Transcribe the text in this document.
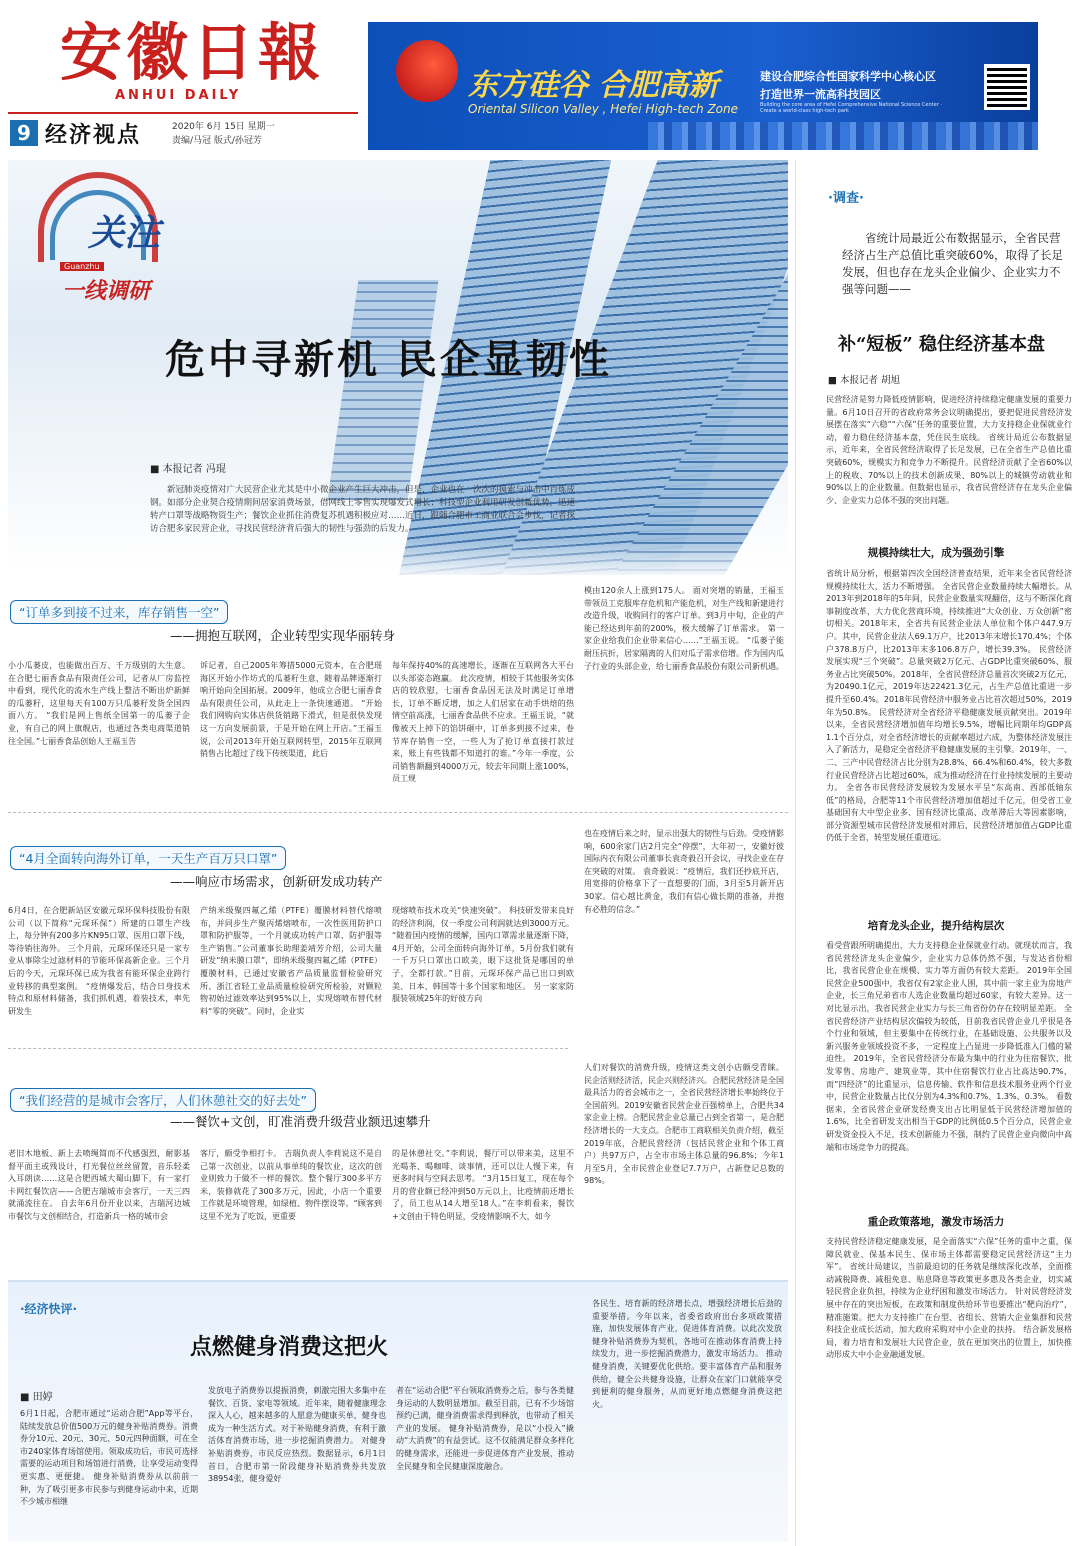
安徽日報
ANHUI DAILY
9 经济视点	2020年 6月 15日 星期一
责编/马冠 版式/孙冠芳
东方硅谷 合肥高新
Oriental Silicon Valley , Hefei High-tech Zone
建设合肥综合性国家科学中心核心区
打造世界一流高科技园区
Building the core area of Hefei Comprehensive National Science Center · Create a world-class high-tech park
关注
Guanzhu
一线调研
危中寻新机 民企显韧性
■ 本报记者 冯琨
新冠肺炎疫情对广大民营企业尤其是中小微企业产生巨大冲击，但是，企业也在一次次的摸索与冲击中百炼成钢。如部分企业契合疫情期间居家消费场景，借网线上零售实现爆发式增长；科技型企业利用研发创新优势，迅速转产口罩等战略物资生产；餐饮企业抓住消费复苏机遇积极应对……近日，跟随合肥市工商业联合会步伐，记者探访合肥多家民营企业，寻找民营经济背后强大的韧性与强劲的后发力。
“订单多到接不过来，库存销售一空”
——拥抱互联网，企业转型实现华丽转身
小小瓜蒌皮，也能做出百万、千万级别的大生意。 在合肥七丽香食品有限责任公司，记者从厂房监控中看到，现代化的流水生产线上整洁不断出炉新鲜的瓜蒌籽，这里每天有100万只瓜蒌籽发货全国四面八方。 “我们是网上售纸全国第一的瓜蒌子企业，有自己的网上旗舰店，也通过各类电商渠道销往全国。”七丽香食品创始人王福玉告
诉记者，自己2005年筹措5000元资本，在合肥瑶海区开始小作坊式的瓜蒌籽生意，随着品牌逐渐打响开始向全国拓展。2009年，他成立合肥七丽香食品有限责任公司，从此走上一条快速通道。 “开始我们网购向实体店供货销路下滑式，但是很快发现这一方向发展前景，于是开始在网上开店。”王福玉说，公司2013年开始互联网转型，2015年互联网销售占比超过了线下传统渠道，此后
每年保持40%的高速增长，逐渐在互联网各大平台以头部姿态跑赢。 此次疫情，相较于其他服务实体店的较欣慰，七丽香食品因无法及时满足订单增长，订单不断反增，加之人们居家在动手烘焙的热情空前高涨，七丽香食品供不应求。王福玉说，“就像被天上掉下的馅饼砸中，订单多到接不过来，卷节库存销售一空，一些人为了抢订单直接打款过来，账上有些钱都不知道打的谁。”今年一季度，公司销售额翻到4000万元，较去年同期上涨100%，员工规
模由120余人上涨到175人。 面对突增的销量，王福玉带领员工克服库存危机和产能危机，对生产线和新建进行改造升级，收购同行的客户订单。到3月中旬，企业的产能已经达到年前的200%，极大缓解了订单需求。 第一家企业给我们企业带来信心……”王福玉说。 “瓜蒌子能耐压抗折，居家隔离的人们对瓜子需求倍增。作为国内瓜子行业的头部企业，给七丽香食品股份有限公司新机遇。
“4月全面转向海外订单，一天生产百万只口罩”
——响应市场需求，创新研发成功转产
6月4日，在合肥新站区安徽元琛环保科技股份有限公司（以下简称“元琛环保”）所建的口罩生产线上，每分钟有200多片KN95口罩、医用口罩下线，等待销往海外。 三个月前，元琛环保还只是一家专业从事除尘过滤材料的节能环保高新企业。三个月后的今天，元琛环保已成为我省有能环保企业跨行业转移的典型案例。 “疫情爆发后，结合日身技术特点和原材料储备，我们抓机遇，着装技术，率先研发生
产纳米级聚四氟乙烯（PTFE）覆膜材料替代熔喷布，并同步生产聚丙烯熔喷布，一次性医用防护口罩和防护服等，一个月就成功转产口罩、防护服等生产销售。”公司董事长助理姜靖芳介绍，公司大量研发“纳米膜口罩”，即纳米级聚四氟乙烯（PTFE）覆膜材料，已通过安徽省产品质量监督检验研究所、浙江省轻工业品质量检验研究所检验，对颗粒物初始过滤效率达到95%以上，实现熔喷布替代材料“零的突破”。同时，企业实
现熔喷布技术攻关“快速突破”。 科技研发带来良好的经济利润，仅一季度公司利润就达到3000万元。 “随着国内疫情的缓解，国内口罩需求量逐渐下降，4月开始，公司全面转向海外订单，5月份我们就有一千万只口罩出口欧美，眼下这批货是哪国的单子，全都打款。”目前，元琛环保产品已出口到欧美、日本、韩国等十多个国家和地区。 另一家家防服装领域25年的好彼方向
也在疫情后来之时，显示出强大的韧性与后劲。受疫情影响，600余家门店2月完全“停摆”，大年初一，安徽好彼国际内衣有限公司董事长袁奇毅召开会议，寻找企业在存在突破的对策。 袁奇毅说：“疫情后，我们还抄底开店，用宽排的价格拿下了一直想要的门面，3月至5月新开店30家。信心越比黄金，我们有信心做长期的准备，并抱有必胜的信念。”
“我们经营的是城市会客厅，人们休憩社交的好去处”
——餐饮+文创，盯准消费升级营业额迅速攀升
老旧木地板、新上去喷绳简而不代感强烈，耐影基督平面主或残设计，打光餐位丝丝留置，音乐轻柔入耳朗读……这是合肥西城大蜀山脚下，有一家打卡网红餐饮店——合肥吉瑞城市会客厅，一天三四就涌流往在。 自去年6月份开业以来，吉瑞河边城市餐饮与文创相结合，打造新兵一格的城市会
客厅，颇受争相打卡。 吉瑞负责人李莉说这不是自己第一次创业，以前从事单纯的餐饮业，这次的创业则致力于做不一样的餐饮。整个餐厅300多平方米，装修就花了300多万元，因此，小店一个重要工作就是环境管理，如绿植、物件摆设等。“顾客到这里不光为了吃饭，更重要
的是休憩社交。”李莉说，餐厅可以带来美，这里不光喝茶、喝咖啡、谈事情，还可以让人慢下来，有更多时间与空间去思考。 “3月15日复工，现在每个月的营业额已经冲到50万元以上，比疫情前还增长了，员工也从14人增至18人。”在李莉看来，餐饮+文创由于特色明显，受疫情影响不大，如今
人们对餐饮的消费升级，疫情这类文创小店颇受青睐。 民企活则经济活，民企兴则经济兴。合肥民营经济是全国最具活力的省会城市之一，全省民营经济增长率始终位于全国前列。2019安徽省民营企业百强榜单上，合肥共34家企业上榜。合肥民营企业总量已占到全省第一，是合肥经济增长的一大支点。合肥市工商联相关负责介绍，截至2019年底，合肥民营经济（包括民营企业和个体工商户）共97万户，占全市市场主体总量的96.8%；今年1月至5月，全市民营企业登记7.7万户，占新登记总数的98%。
·经济快评·
点燃健身消费这把火
■ 田婷
6月1日起，合肥市通过“运动合肥”App等平台，陆续发放总价值500万元的健身补贴消费券。消费券分10元、20元、30元、50元四种面额，可在全市240家体育场馆使用。领取成功后，市民可选择需要的运动项目和场馆进行消费，让享受运动变得更实惠、更便捷。 健身补贴消费券从以前前一种，为了吸引更多市民参与到健身运动中来，近期不少城市相继
发放电子消费券以提振消费，刺激完围大多集中在餐饮、百货、家电等领域。近年来，随着健康理念深入人心，越来越多的人愿意为健康买单，健身也成为一种生活方式。对于补贴健身消费，有利于激活体育消费市场，进一步挖掘消费潜力。 对健身补贴消费券，市民反应热烈。数据显示，6月1日首日，合肥市第一阶段健身补贴消费券共发放38954张，健身爱好
者在“运动合肥”平台领取消费券之后，参与各类健身运动的人数明显增加。截至目前，已有不少场馆预约已满，健身消费需求得到释放，也带动了相关产业的发展。 健身补贴消费券，是以“小投入”撬动“大消费”的有益尝试。这不仅能满足群众多样化的健身需求，还能进一步促进体育产业发展，推动全民健身和全民健康深度融合。
各民生、培育新的经济增长点，增强经济增长后劲的重要举措。今年以来，省委省政府出台多项政策措施，加快发展体育产业，促进体育消费。以此次发放健身补贴消费券为契机，各地可在推动体育消费上持续发力，进一步挖掘消费潜力，激发市场活力。 推动健身消费，关键要优化供给。要丰富体育产品和服务供给，健全公共健身设施，让群众在家门口就能享受到便利的健身服务，从而更好地点燃健身消费这把火。
·调查·
省统计局最近公布数据显示，全省民营经济占生产总值比重突破60%，取得了长足发展，但也存在龙头企业偏少、企业实力不强等问题——
补“短板” 稳住经济基本盘
■ 本报记者 胡旭
民营经济是努力降低疫情影响，促进经济持续稳定健康发展的重要力量。6月10日召开的省政府常务会议明确提出，要把促进民营经济发展摆在落实“六稳”“六保”任务的重要位置，大力支持稳企业保就业行动，着力稳住经济基本盘，凭住民生底线。 省统计局近公布数据显示，近年来，全省民营经济取得了长足发展，已在全省生产总值比重突破60%，规模实力和竞争力不断提升。民营经济贡献了全省60%以上的税收、70%以上的技术创新成果、80%以上的城镇劳动就业和90%以上的企业数量。但数据也显示，我省民营经济存在龙头企业偏少、企业实力总体不强的突出问题。
规模持续壮大，成为强劲引擎
省统计局分析，根据第四次全国经济普查结果，近年来全省民营经济规模持续壮大，活力不断增强。 全省民营企业数量持续大幅增长。从2013年到2018年的5年间，民营企业数量实现翻倍，这与不断深化商事制度改革，大力优化营商环境，持续推进“大众创业、万众创新”密切相关。2018年末，全省共有民营企业法人单位和个体户447.9万户。其中，民营企业法人69.1万户，比2013年末增长170.4%；个体户378.8万户，比2013年末多106.8万户，增长39.3%。 民营经济发展实现“三个突破”。总量突破2万亿元、占GDP比重突破60%、服务业占比突破50%。2018年，全省民营经济总量首次突破2万亿元，为20490.1亿元，2019年达22421.3亿元，占生产总值比重进一步提升至60.4%。2018年民营经济中服务业占比首次超过50%，2019年为50.8%。 民营经济对全省经济平稳健康发展贡献突出。2019年以来，全省民营经济增加值年均增长9.5%，增幅比同期年均GDP高1.1个百分点，对全省经济增长的贡献率超过六成，为整体经济发展注入了新活力，是稳定全省经济平稳健康发展的主引擎。2019年，一、二、三产中民营经济占比分别为28.8%、66.4%和60.4%，较大多数行业民营经济占比超过60%，成为推动经济在行业持续发展的主要动力。 全省各市民营经济发展较为发展水平呈“东高南、西部低轴东低”的格局，合肥等11个市民营经济增加值超过千亿元，但受省工业基础国有大中型企业多、国有经济比重高、改革滞后大等因素影响，部分资源型城市民营经济发展相对滞后，民营经济增加值占GDP比重仍低于全省，转型发展任重道远。
培育龙头企业，提升结构层次
看受营跟所明确提出，大力支持稳企业保就业行动。就现状而言，我省民营经济龙头企业偏少，企业实力总体仍然不强，与发达省份相比，我省民营企业在规模、实力等方面仍有较大差距。 2019年全国民营企业500强中，我省仅有2家企业人围，其中前一家主业为房地产企业，长三角兄弟省市人选企业数量均超过60家，有较大差异。这一对比显示出，我省民营企业实力与长三角省份仍存在较明显差距。 全省民营经济产业结构层次偏较为较低，目前我省民营企业几乎很是各个行业和领域，但主要集中在传统行业，在基础设施、公共服务以及新兴服务业领域投资不多，一定程度上凸显进一步降低准入门槛的紧迫性。 2019年，全省民营经济分布最为集中的行业为住宿餐饮、批发零售、房地产、建筑业等，其中住宿餐饮行业占比高达90.7%，而“四经济”的比重显示，信息传输、软件和信息技术服务业两个行业中，民营企业数量占比仅分别为4.3%和0.7%、1.3%、0.3%。 看数据来，全省民营企业研发经费支出占比明显低于民营经济增加值的1.6%，比全省研发支出相当于GDP的比例低0.5个百分点，民营企业研发资金投入不足，技术创新能力不强，制约了民营企业向微向中高端和市场竞争力的提高。
重企政策落地，激发市场活力
支持民营经济稳定健康发展，是全面落实“六保”任务的重中之重，保障民就业、保基本民生、保市场主体都需要稳定民营经济这“主力军”。 省统计局建议，当前最迫切的任务就是继续深化改革，全面推动减税降费、减租免息、贴息降息等政策更多惠及各类企业，切实减轻民营企业负担，持续为企业纾困和激发市场活力。 针对民营经济发展中存在的突出短板，在政策和制度供给环节也要推出“靶向治疗”，精准施策。把大力支持推广在台型、省组长、营销大企业集群和民营科技企业成长活动，加大政府采购对中小企业的扶持。 结合新发展格局，着力培育和发展壮大民营企业，放在更加突出的位置上，加快推动形成大中小企业融通发展。
